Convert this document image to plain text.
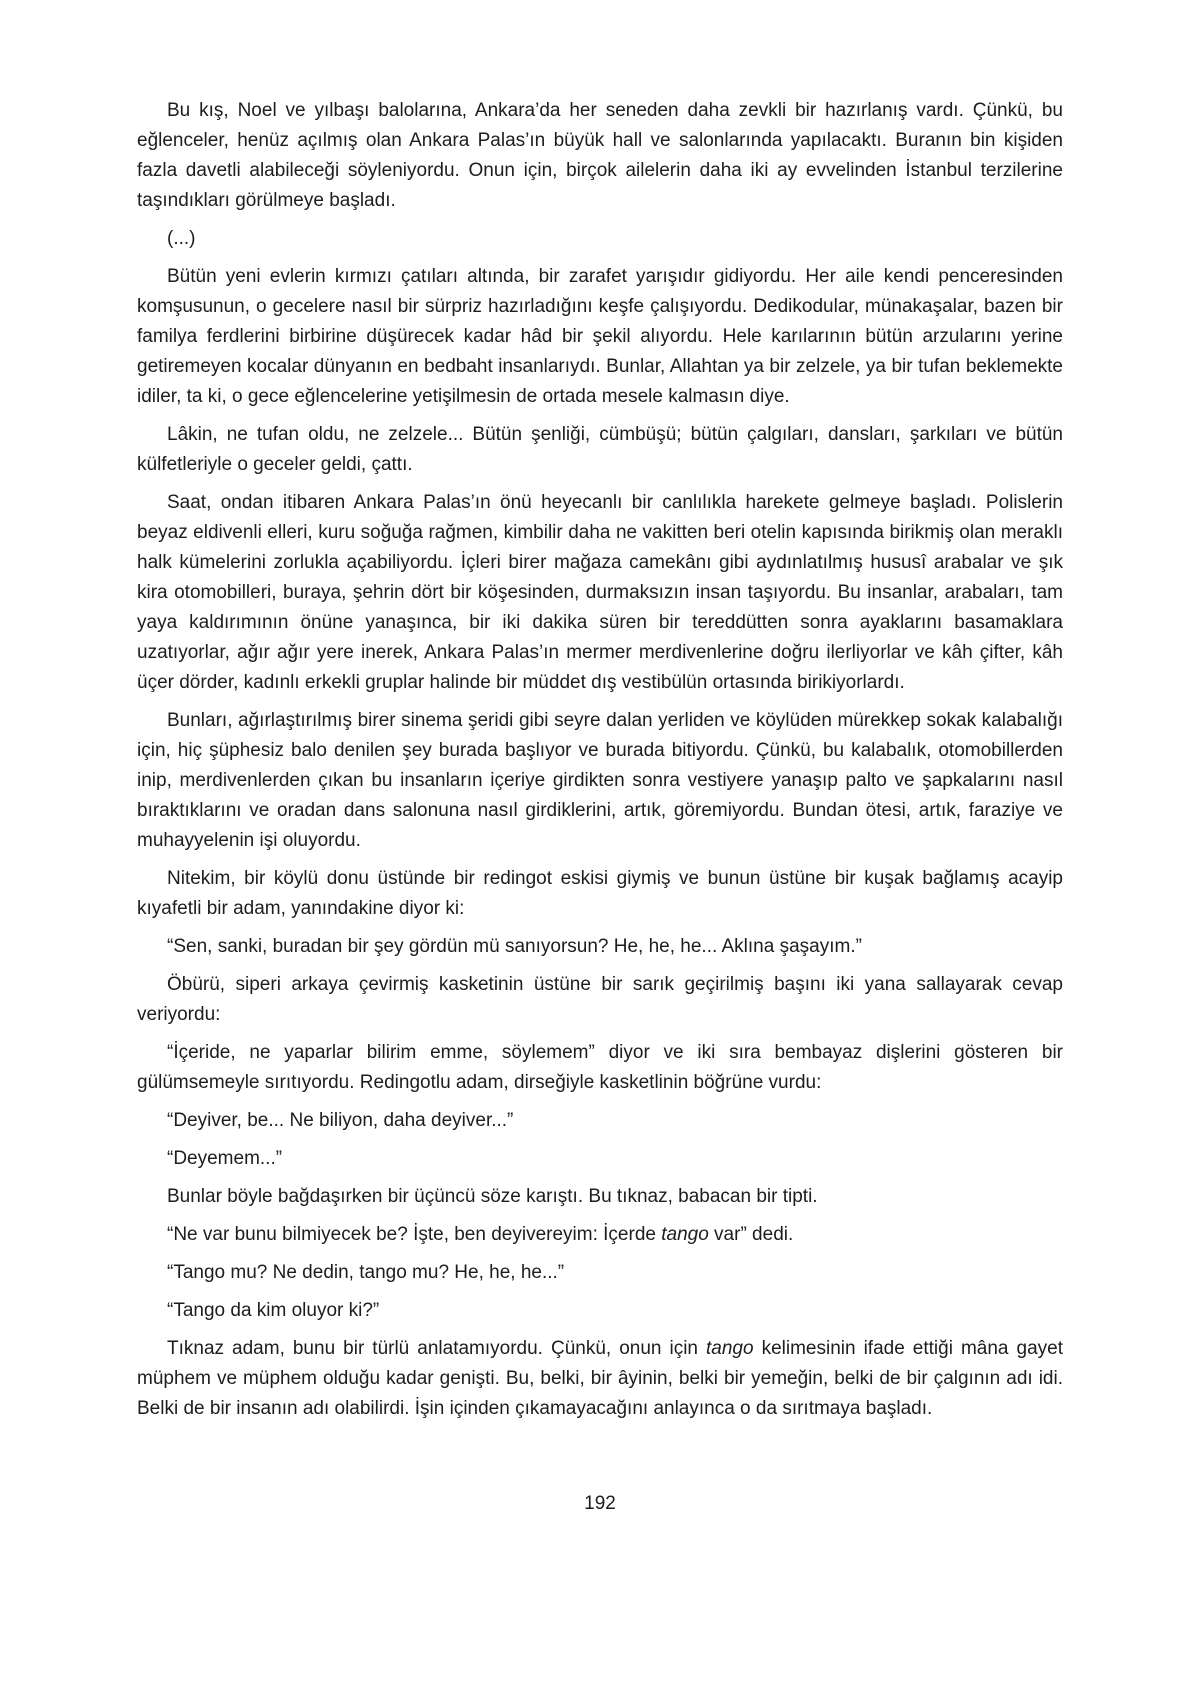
Bu kış, Noel ve yılbaşı balolarına, Ankara’da her seneden daha zevkli bir hazırlanış vardı. Çünkü, bu eğlenceler, henüz açılmış olan Ankara Palas’ın büyük hall ve salonlarında yapılacaktı. Buranın bin kişiden fazla davetli alabileceği söyleniyordu. Onun için, birçok ailelerin daha iki ay evvelinden İstanbul terzilerine taşındıkları görülmeye başladı.

(...)

Bütün yeni evlerin kırmızı çatıları altında, bir zarafet yarışıdır gidiyordu. Her aile kendi penceresinden komşusunun, o gecelere nasıl bir sürpriz hazırladığını keşfe çalışıyordu. Dedikodular, münakaşalar, bazen bir familya ferdlerini birbirine düşürecek kadar hâd bir şekil alıyordu. Hele karılarının bütün arzularını yerine getiremeyen kocalar dünyanın en bedbaht insanlarıydı. Bunlar, Allahtan ya bir zelzele, ya bir tufan beklemekte idiler, ta ki, o gece eğlencelerine yetişilmesin de ortada mesele kalmasın diye.

Lâkin, ne tufan oldu, ne zelzele... Bütün şenliği, cümbüşü; bütün çalgıları, dansları, şarkıları ve bütün külfetleriyle o geceler geldi, çattı.

Saat, ondan itibaren Ankara Palas’ın önü heyecanlı bir canlılıkla harekete gelmeye başladı. Polislerin beyaz eldivenli elleri, kuru soğuğa rağmen, kimbilir daha ne vakitten beri otelin kapısında birikmiş olan meraklı halk kümelerini zorlukla açabiliyordu. İçleri birer mağaza camekânı gibi aydınlatılmış hususî arabalar ve şık kira otomobilleri, buraya, şehrin dört bir köşesinden, durmaksızın insan taşıyordu. Bu insanlar, arabaları, tam yaya kaldırımının önüne yanaşınca, bir iki dakika süren bir tereddütten sonra ayaklarını basamaklara uzatıyorlar, ağır ağır yere inerek, Ankara Palas’ın mermer merdivenlerine doğru ilerliyorlar ve kâh çifter, kâh üçer dörder, kadınlı erkekli gruplar halinde bir müddet dış vestibülün ortasında birikiyorlardı.

Bunları, ağırlaştırılmış birer sinema şeridi gibi seyre dalan yerliden ve köylüden mürekkep sokak kalabalığı için, hiç şüphesiz balo denilen şey burada başlıyor ve burada bitiyordu. Çünkü, bu kalabalık, otomobillerden inip, merdivenlerden çıkan bu insanların içeriye girdikten sonra vestiyere yanaşıp palto ve şapkalarını nasıl bıraktıklarını ve oradan dans salonuna nasıl girdiklerini, artık, göremiyordu. Bundan ötesi, artık, faraziye ve muhayyelenin işi oluyordu.

Nitekim, bir köylü donu üstünde bir redingot eskisi giymiş ve bunun üstüne bir kuşak bağlamış acayip kıyafetli bir adam, yanındakine diyor ki:

“Sen, sanki, buradan bir şey gördün mü sanıyorsun? He, he, he... Aklına şaşayım.”

Öbürü, siperi arkaya çevirmiş kasketinin üstüne bir sarık geçirilmiş başını iki yana sallayarak cevap veriyordu:

“İçeride, ne yaparlar bilirim emme, söylemem” diyor ve iki sıra bembayaz dişlerini gösteren bir gülümsemeyle sırıtıyordu. Redingotlu adam, dirseğiyle kasketlinin böğrüne vurdu:

“Deyiver, be... Ne biliyon, daha deyiver...”

“Deyemem...”

Bunlar böyle bağdaşırken bir üçüncü söze karıştı. Bu tıknaz, babacan bir tipti.

“Ne var bunu bilmiyecek be? İşte, ben deyivereyim: İçerde tango var” dedi.

“Tango mu? Ne dedin, tango mu? He, he, he...”

“Tango da kim oluyor ki?”

Tıknaz adam, bunu bir türlü anlatamıyordu. Çünkü, onun için tango kelimesinin ifade ettiği mâna gayet müphem ve müphem olduğu kadar genişti. Bu, belki, bir âyinin, belki bir yemeğin, belki de bir çalgının adı idi. Belki de bir insanın adı olabilirdi. İşin içinden çıkamayacağını anlayınca o da sırıtmaya başladı.

192
